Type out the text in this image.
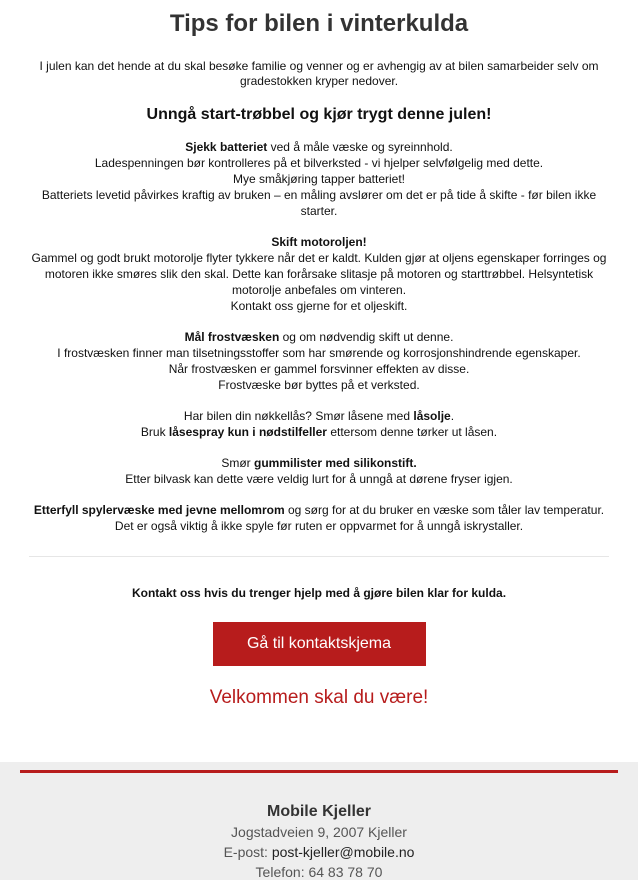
Tips for bilen i vinterkulda

I julen kan det hende at du skal besøke familie og venner og er avhengig av at bilen samarbeider selv om gradestokken kryper nedover.

Unngå start-trøbbel og kjør trygt denne julen!
Sjekk batteriet ved å måle væske og syreinnhold.
Ladespenningen bør kontrolleres på et bilverksted - vi hjelper selvfølgelig med dette.
Mye småkjøring tapper batteriet!
Batteriets levetid påvirkes kraftig av bruken – en måling avslører om det er på tide å skifte - før bilen ikke starter.
Skift motoroljen!
Gammel og godt brukt motorolje flyter tykkere når det er kaldt. Kulden gjør at oljens egenskaper forringes og motoren ikke smøres slik den skal. Dette kan forårsake slitasje på motoren og starttrøbbel. Helsyntetisk motorolje anbefales om vinteren.
Kontakt oss gjerne for et oljeskift.
Mål frostvæsken og om nødvendig skift ut denne.
I frostvæsken finner man tilsetningsstoffer som har smørende og korrosjonshindrende egenskaper.
Når frostvæsken er gammel forsvinner effekten av disse.
Frostvæske bør byttes på et verksted.
Har bilen din nøkkellås? Smør låsene med låsolje.
Bruk låsespray kun i nødstilfeller ettersom denne tørker ut låsen.
Smør gummilister med silikonstift.
Etter bilvask kan dette være veldig lurt for å unngå at dørene fryser igjen.
Etterfyll spylervæske med jevne mellomrom og sørg for at du bruker en væske som tåler lav temperatur. Det er også viktig å ikke spyle før ruten er oppvarmet for å unngå iskrystaller.

Kontakt oss hvis du trenger hjelp med å gjøre bilen klar for kulda.

Gå til kontaktskjema

Velkommen skal du være!

Mobile Kjeller
Jogstadveien 9, 2007 Kjeller
E-post: post-kjeller@mobile.no
Telefon: 64 83 78 70
